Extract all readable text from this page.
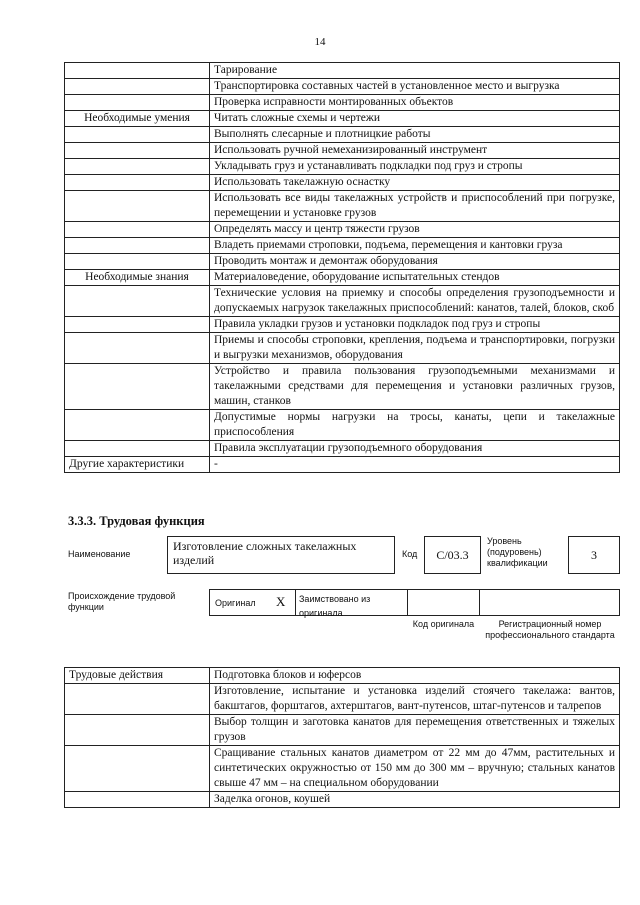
14
	Тарирование
	Транспортировка составных частей в установленное место и выгрузка
	Проверка исправности монтированных объектов
Необходимые умения	Читать сложные схемы и чертежи
	Выполнять слесарные и плотницкие работы
	Использовать ручной немеханизированный инструмент
	Укладывать груз и устанавливать подкладки под груз и стропы
	Использовать такелажную оснастку
	Использовать все виды такелажных устройств и приспособлений при погрузке, перемещении и установке грузов
	Определять массу и центр тяжести грузов
	Владеть приемами строповки, подъема, перемещения и кантовки груза
	Проводить монтаж и демонтаж оборудования
Необходимые знания	Материаловедение, оборудование испытательных стендов
	Технические условия на приемку и способы определения грузоподъемности и допускаемых нагрузок такелажных приспособлений: канатов, талей, блоков, скоб
	Правила укладки грузов и установки подкладок под груз и стропы
	Приемы и способы строповки, крепления, подъема и транспортировки, погрузки и выгрузки механизмов, оборудования
	Устройство и правила пользования грузоподъемными механизмами и такелажными средствами для перемещения и установки различных грузов, машин, станков
	Допустимые нормы нагрузки на тросы, канаты, цепи и такелажные приспособления
	Правила эксплуатации грузоподъемного оборудования
Другие характеристики	-
3.3.3. Трудовая функция
Наименование
Изготовление сложных такелажных изделий	Код	С/03.3
Уровень (подуровень) квалификации
3
Происхождение трудовой функции	Оригинал X	Заимствовано из оригинала
Код оригинала	Регистрационный номер профессионального стандарта
Трудовые действия	Подготовка блоков и юферсов
	Изготовление, испытание и установка изделий стоячего такелажа: вантов, бакштагов, форштагов, ахтерштагов, вант-путенсов, штаг-путенсов и талрепов
	Выбор толщин и заготовка канатов для перемещения ответственных и тяжелых грузов
	Сращивание стальных канатов диаметром от 22 мм до 47мм, растительных и синтетических окружностью от 150 мм до 300 мм – вручную; стальных канатов свыше 47 мм – на специальном оборудовании
	Заделка огонов, коушей
